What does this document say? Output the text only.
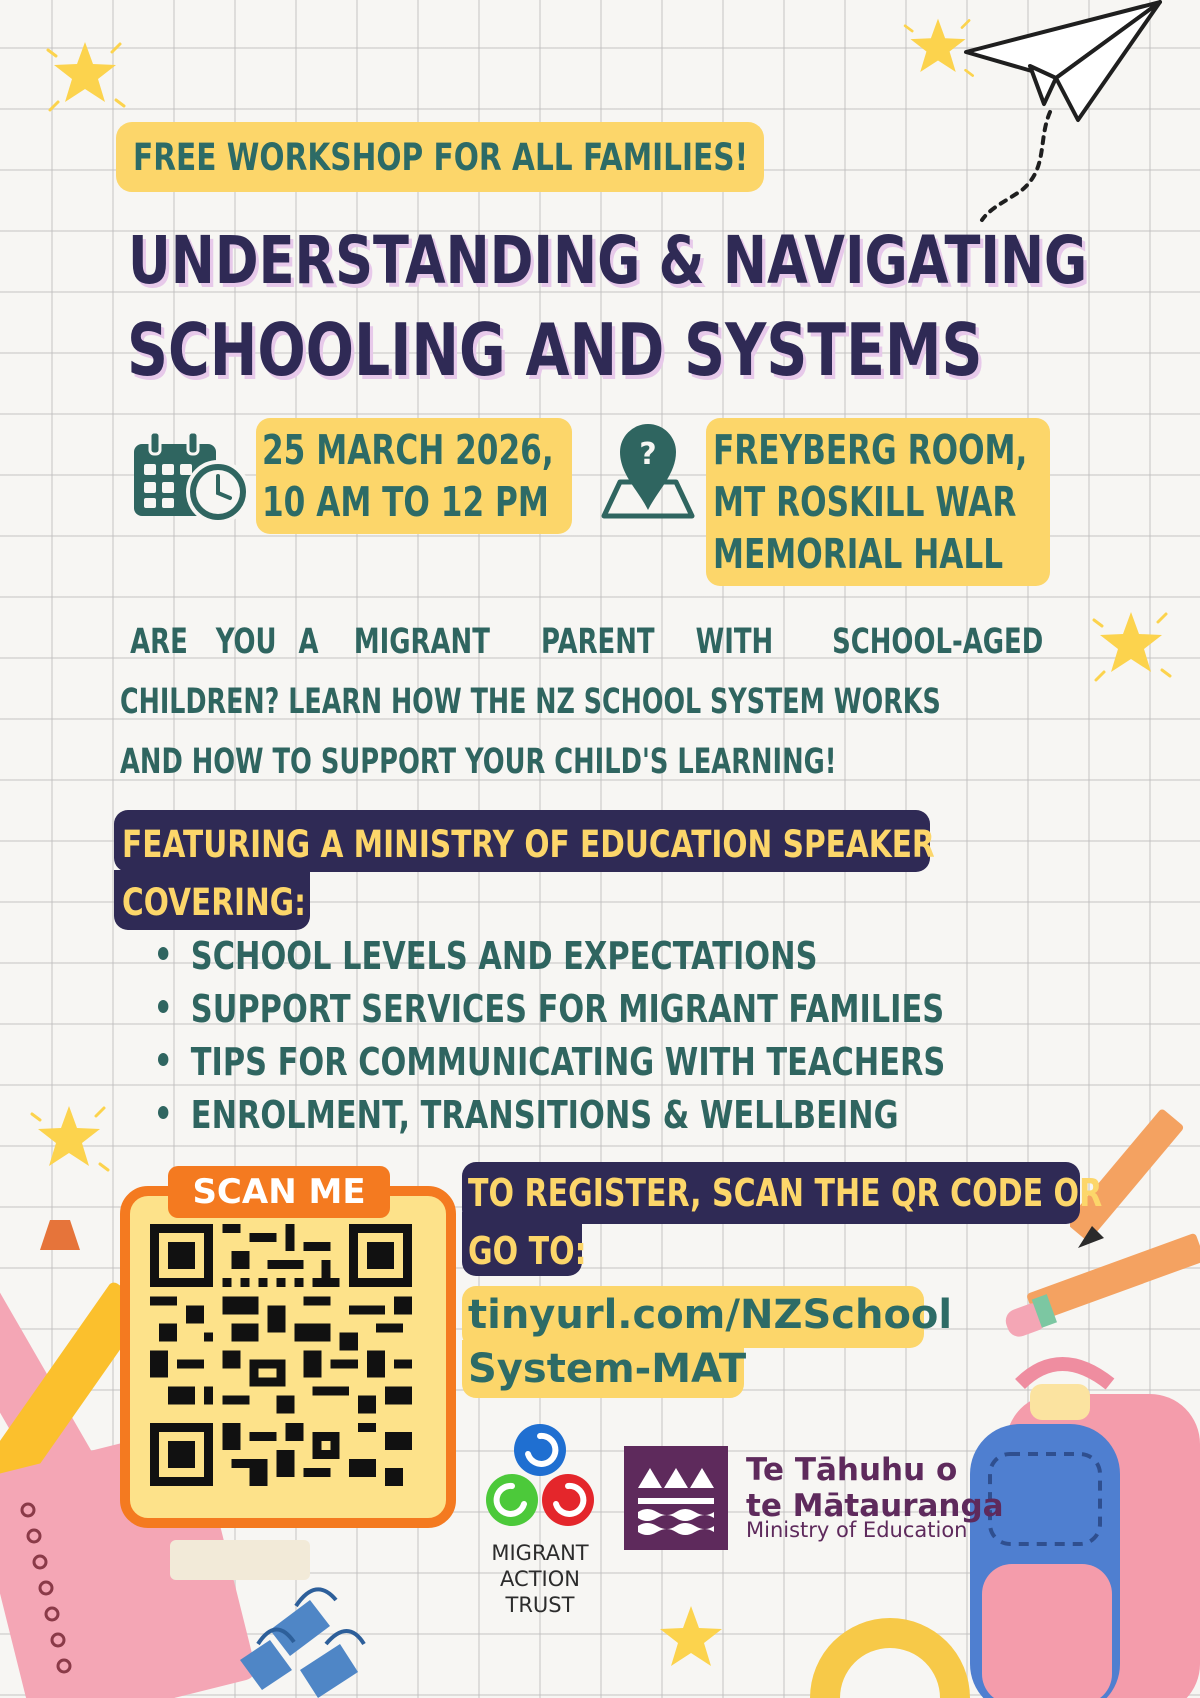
FREE WORKSHOP FOR ALL FAMILIES!
UNDERSTANDING & NAVIGATING
SCHOOLING AND SYSTEMS
25 MARCH 2026,
10 AM TO 12 PM
? FREYBERG ROOM,
MT ROSKILL WAR
MEMORIAL HALL
ARE YOU A MIGRANT PARENT WITH SCHOOL-AGED
CHILDREN? LEARN HOW THE NZ SCHOOL SYSTEM WORKS
AND HOW TO SUPPORT YOUR CHILD'S LEARNING!
FEATURING A MINISTRY OF EDUCATION SPEAKER
COVERING:
SCHOOL LEVELS AND EXPECTATIONS
SUPPORT SERVICES FOR MIGRANT FAMILIES
TIPS FOR COMMUNICATING WITH TEACHERS
ENROLMENT, TRANSITIONS & WELLBEING
SCAN ME	TO REGISTER, SCAN THE QR CODE OR
GO TO:
tinyurl.com/NZSchool
System-MAT
MIGRANT
ACTION
TRUST
Te Tāhuhu o
te Mātauranga
Ministry of Education
